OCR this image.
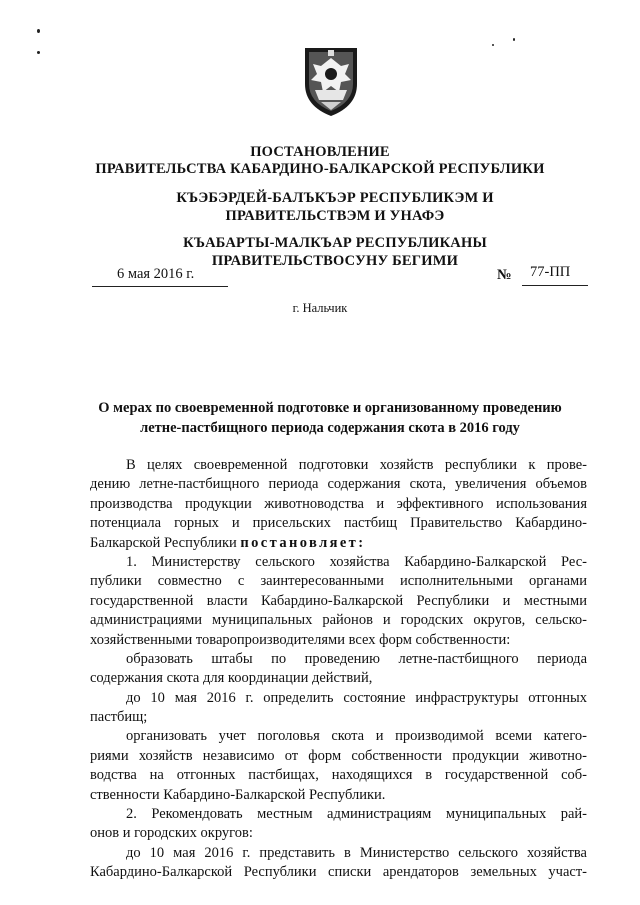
ПОСТАНОВЛЕНИЕ
ПРАВИТЕЛЬСТВА КАБАРДИНО-БАЛКАРСКОЙ РЕСПУБЛИКИ
КЪЭБЭРДЕЙ-БАЛЪКЪЭР РЕСПУБЛИКЭМ И ПРАВИТЕЛЬСТВЭМ И УНАФЭ
КЪАБАРТЫ-МАЛКЪАР РЕСПУБЛИКАНЫ ПРАВИТЕЛЬСТВОСУНУ БЕГИМИ
6 мая 2016 г.	№ 77-ПП
г. Нальчик
О мерах по своевременной подготовке и организованному проведению
летне-пастбищного периода содержания скота в 2016 году
В целях своевременной подготовки хозяйств республики к прове-
дению летне-пастбищного периода содержания скота, увеличения объемов
производства продукции животноводства и эффективного использования
потенциала горных и присельских пастбищ Правительство Кабардино-
Балкарской Республики постановляет:
1. Министерству сельского хозяйства Кабардино-Балкарской Рес-
публики совместно с заинтересованными исполнительными органами
государственной власти Кабардино-Балкарской Республики и местными
администрациями муниципальных районов и городских округов, сельско-
хозяйственными товаропроизводителями всех форм собственности:
образовать штабы по проведению летне-пастбищного периода
содержания скота для координации действий,
до 10 мая 2016 г. определить состояние инфраструктуры отгонных
пастбищ;
организовать учет поголовья скота и производимой всеми катего-
риями хозяйств независимо от форм собственности продукции животно-
водства на отгонных пастбищах, находящихся в государственной соб-
ственности Кабардино-Балкарской Республики.
2. Рекомендовать местным администрациям муниципальных рай-
онов и городских округов:
до 10 мая 2016 г. представить в Министерство сельского хозяйства
Кабардино-Балкарской Республики списки арендаторов земельных участ-
